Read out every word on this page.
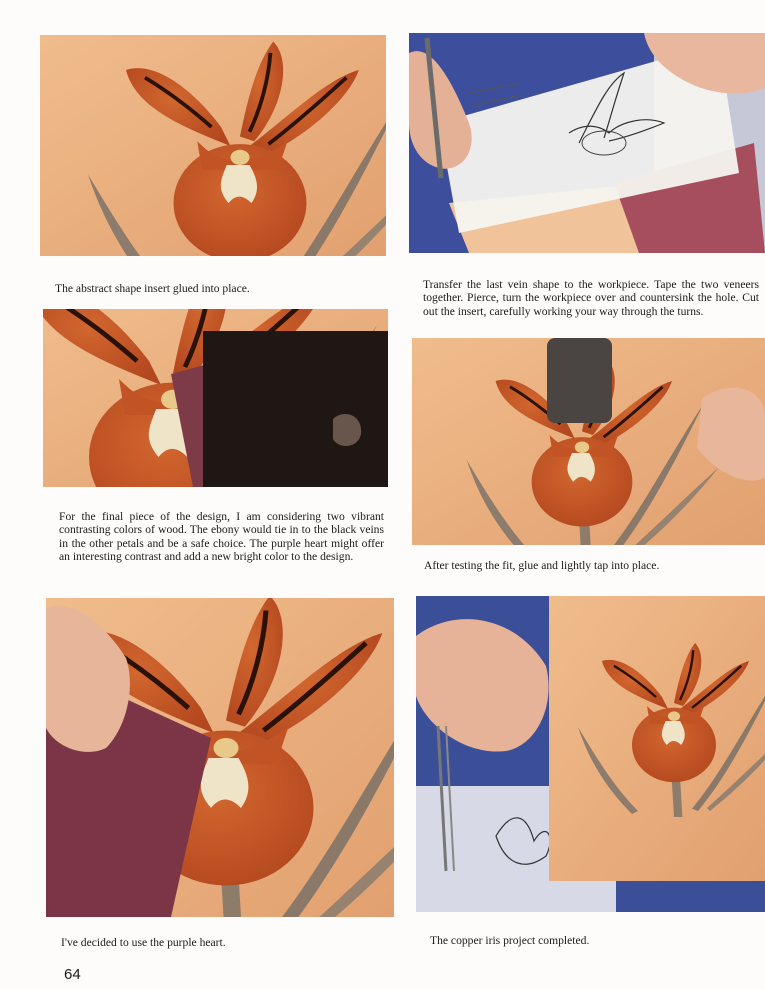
The abstract shape insert glued into place.	Transfer the last vein shape to the workpiece. Tape the two veneers together. Pierce, turn the workpiece over and countersink the hole. Cut out the insert, carefully working your way through the turns.

For the final piece of the design, I am considering two vibrant contrasting colors of wood. The ebony would tie in to the black veins in the other petals and be a safe choice. The purple heart might offer an interesting contrast and add a new bright color to the design.

After testing the fit, glue and lightly tap into place.

I've decided to use the purple heart.	The copper iris project completed.

64
